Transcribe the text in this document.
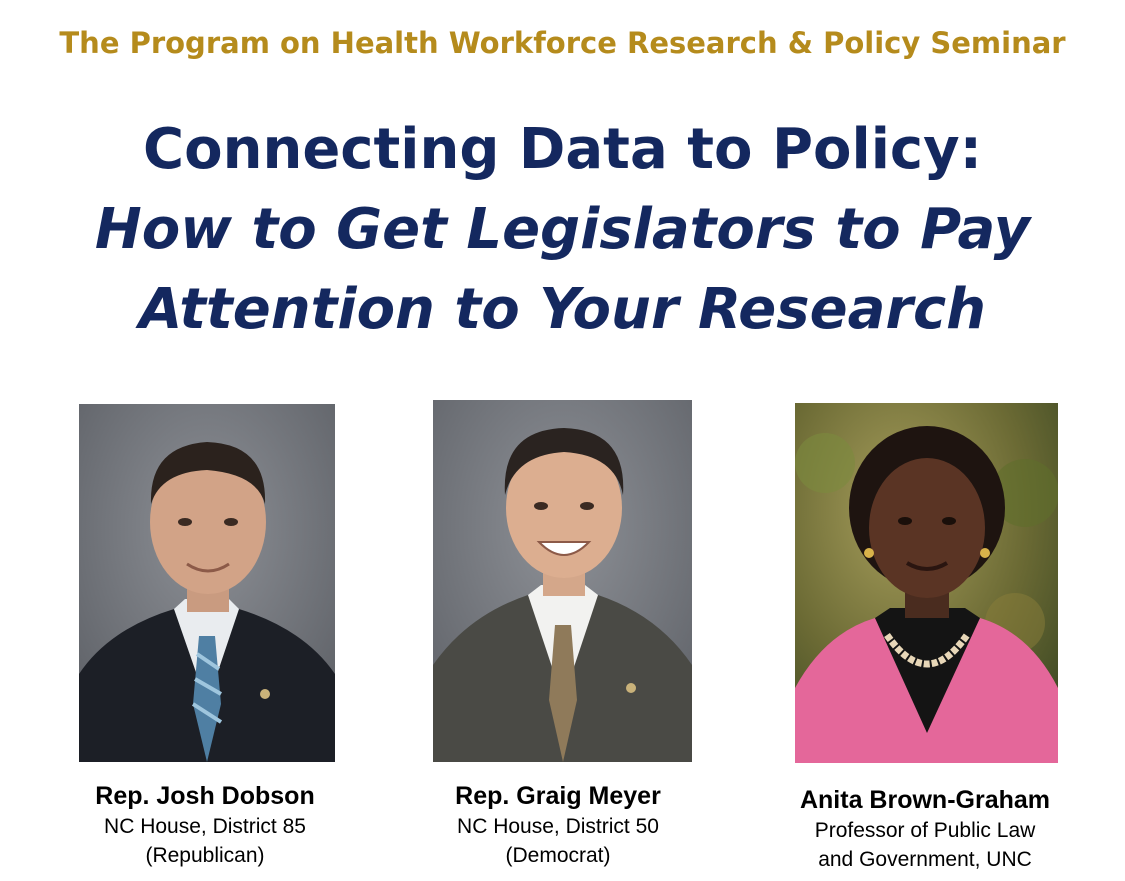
The Program on Health Workforce Research & Policy Seminar
Connecting Data to Policy:
How to Get Legislators to Pay
Attention to Your Research
Rep. Josh Dobson
NC House, District 85
(Republican)
Rep. Graig Meyer
NC House, District 50
(Democrat)
Anita Brown-Graham
Professor of Public Law
and Government, UNC
